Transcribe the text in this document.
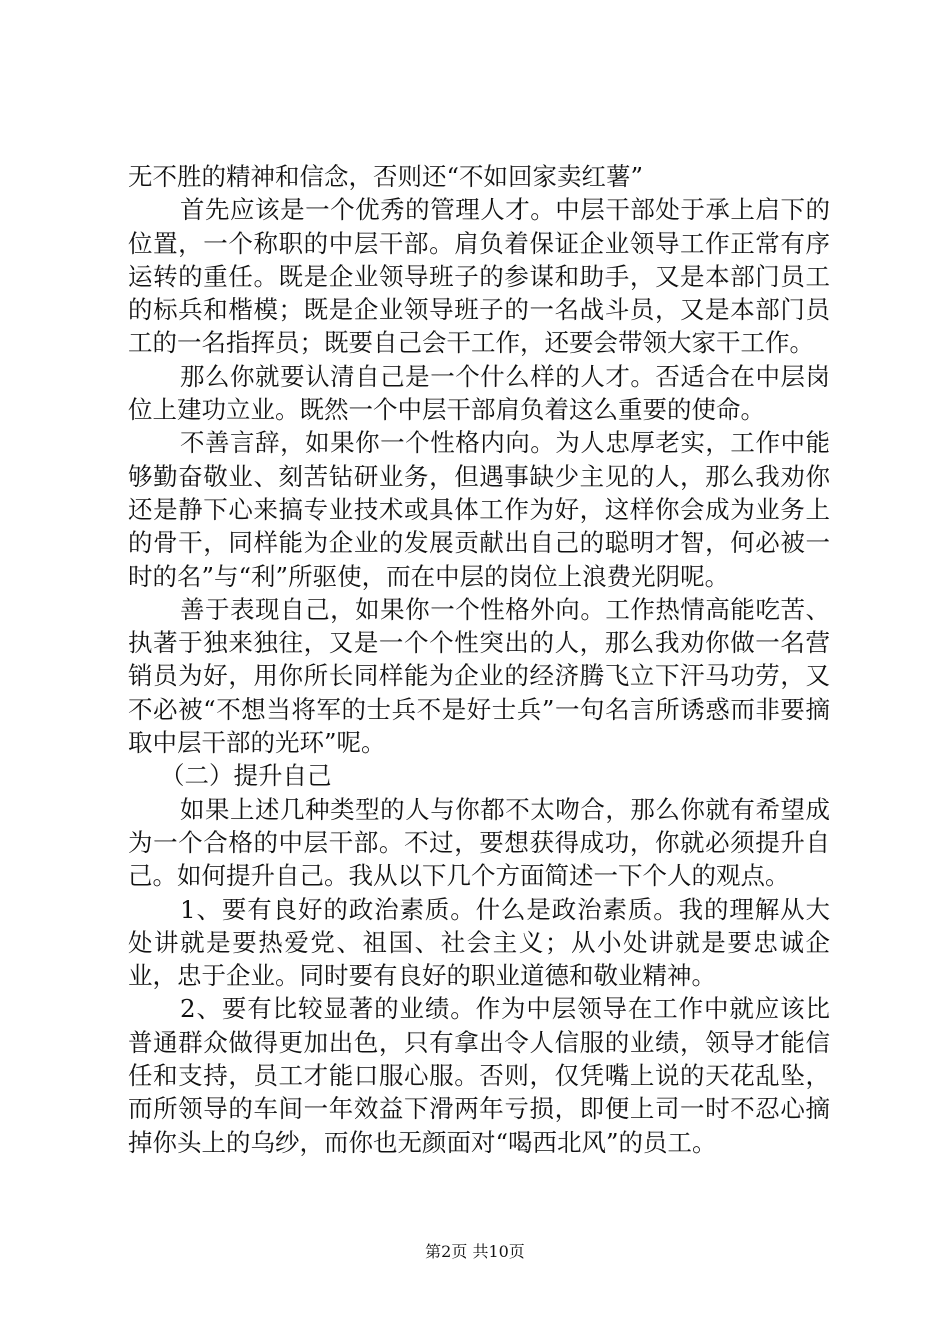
无不胜的精神和信念，否则还“不如回家卖红薯”

首先应该是一个优秀的管理人才。中层干部处于承上启下的位置，一个称职的中层干部。肩负着保证企业领导工作正常有序运转的重任。既是企业领导班子的参谋和助手，又是本部门员工的标兵和楷模；既是企业领导班子的一名战斗员，又是本部门员工的一名指挥员；既要自己会干工作，还要会带领大家干工作。

那么你就要认清自己是一个什么样的人才。否适合在中层岗位上建功立业。既然一个中层干部肩负着这么重要的使命。

不善言辞，如果你一个性格内向。为人忠厚老实，工作中能够勤奋敬业、刻苦钻研业务，但遇事缺少主见的人，那么我劝你还是静下心来搞专业技术或具体工作为好，这样你会成为业务上的骨干，同样能为企业的发展贡献出自己的聪明才智，何必被一时的名”与“利”所驱使，而在中层的岗位上浪费光阴呢。

善于表现自己，如果你一个性格外向。工作热情高能吃苦、执著于独来独往，又是一个个性突出的人，那么我劝你做一名营销员为好，用你所长同样能为企业的经济腾飞立下汗马功劳，又不必被“不想当将军的士兵不是好士兵”一句名言所诱惑而非要摘取中层干部的光环”呢。

（二）提升自己

如果上述几种类型的人与你都不太吻合，那么你就有希望成为一个合格的中层干部。不过，要想获得成功，你就必须提升自己。如何提升自己。我从以下几个方面简述一下个人的观点。

1、要有良好的政治素质。什么是政治素质。我的理解从大处讲就是要热爱党、祖国、社会主义；从小处讲就是要忠诚企业，忠于企业。同时要有良好的职业道德和敬业精神。

2、要有比较显著的业绩。作为中层领导在工作中就应该比普通群众做得更加出色，只有拿出令人信服的业绩，领导才能信任和支持，员工才能口服心服。否则，仅凭嘴上说的天花乱坠，而所领导的车间一年效益下滑两年亏损，即便上司一时不忍心摘掉你头上的乌纱，而你也无颜面对“喝西北风”的员工。

第2页 共10页
